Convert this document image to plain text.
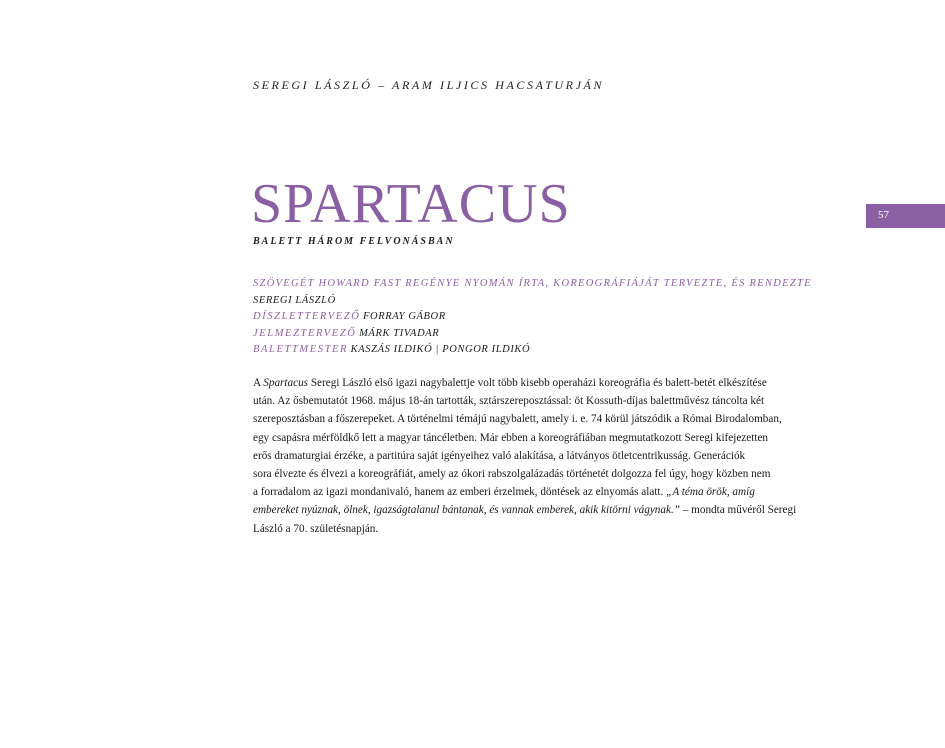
SEREGI LÁSZLÓ – ARAM ILJICS HACSATURJÁN
SPARTACUS
BALETT HÁROM FELVONÁSBAN
57
SZÖVEGÉT HOWARD FAST REGÉNYE NYOMÁN ÍRTA, KOREOGRÁFIÁJÁT TERVEZTE, ÉS RENDEZTE
SEREGI LÁSZLÓ
DÍSZLETTERVEZŐ FORRAY GÁBOR
JELMEZTERVEZŐ MÁRK TIVADAR
BALETTMESTER KASZÁS ILDIKÓ | PONGOR ILDIKÓ
A Spartacus Seregi László első igazi nagybalettje volt több kisebb operaházi koreográfia és balett-betét elkészítése
után. Az ősbemutatót 1968. május 18-án tartották, sztárszereposztással: öt Kossuth-díjas balettművész táncolta két
szereposztásban a főszerepeket. A történelmi témájú nagybalett, amely i. e. 74 körül játszódik a Római Birodalomban,
egy csapásra mérföldkő lett a magyar táncéletben. Már ebben a koreográfiában megmutatkozott Seregi kifejezetten
erős dramaturgiai érzéke, a partitúra saját igényeihez való alakítása, a látványos ötletcentrikusság. Generációk
sora élvezte és élvezi a koreográfiát, amely az ókori rabszolgalázadás történetét dolgozza fel úgy, hogy közben nem
a forradalom az igazi mondanivaló, hanem az emberi érzelmek, döntések az elnyomás alatt. „A téma örök, amíg
embereket nyúznak, ölnek, igazságtalanul bántanak, és vannak emberek, akik kitörni vágynak.” – mondta művéről Seregi
László a 70. születésnapján.
